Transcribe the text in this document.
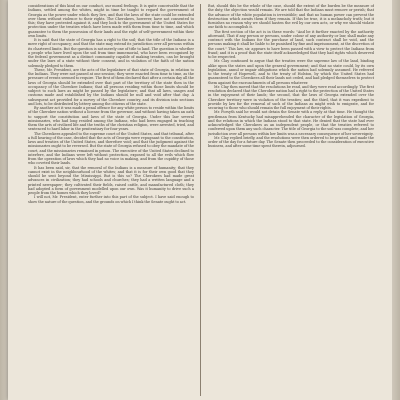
considerations of this kind on our conduct, our moral feelings. It is quite conceivable that the Indians, settled among the whites, might in time be taught to regard the government of Georgia as the power under which they live, and that the laws of the state could be extended over them without violence to their rights. The Cherokees, however, have not consented to this; they have protested against it, and they look to the government of the United States for protection under the treaties which have been made with them from time to time, and which guarantee to them the possession of their lands and the right of self-government within their own limits.

It is said that the state of Georgia has a right to the soil; that the title of the Indians is a mere right of occupancy; and that the state may extend its jurisdiction over all persons within its chartered limits. But the question is not merely one of title to land. The question is whether a people who have lived upon the soil from time immemorial, who have been recognised by the federal government as a distinct community capable of making treaties, can be brought under the laws of a state without their consent, and in violation of the faith of the nation solemnly pledged to them.

These, Mr. President, are the acts of the legislature of that state of Georgia, in relation to the Indians. They were not passed at one session; they were enacted from time to time, as the pressure of events seemed to require. The first of them declared that after a certain day all the laws of Georgia should be extended over that part of the territory of the state then in the occupancy of the Cherokee Indians; that all persons residing within those limits should be subject to such laws as might be passed by the legislature; and that all laws, usages and customs made and established by the Indians should be null and void after that day. A subsequent act provided for a survey of the Cherokee country, and its division into sections and lots, to be distributed by lottery among the citizens of the state.

By another act it was made a penal offence for any white person to reside within the limits of the Cherokee nation without a license from the governor, and without having taken an oath to support the constitution and laws of the state of Georgia. Under this law several missionaries, who had long resided among the Indians, who had been engaged in teaching them the arts of civilized life and the truths of the christian religion, were arrested, tried, and sentenced to hard labor in the penitentiary for four years.

The Cherokees appealed to the supreme court of the United States, and that tribunal, after a full hearing of the case, decided that the acts of Georgia were repugnant to the constitution, laws and treaties of the United States, and therefore void; and that the judgment against the missionaries ought to be reversed. But the state of Georgia refused to obey the mandate of the court, and the missionaries remained in prison. The executive of the United States declined to interfere, and the Indians were left without protection, exposed to all the evils which flow from the operation of laws which they had no voice in making, and from the cupidity of those who coveted their lands.

It has been said, sir, that the removal of the Indians is a measure of humanity; that they cannot exist in the neighbourhood of the whites; and that it is for their own good that they should be sent beyond the Mississippi. But is this so? The Cherokees had made great advances in civilization; they had schools and churches; they had a written language and a printed newspaper; they cultivated their fields, raised cattle, and manufactured cloth; they had adopted a form of government modelled upon our own. Was it humanity to drive such a people from the homes which they loved?

I will not, Mr. President, enter further into this part of the subject. I have said enough to show the nature of the question, and the grounds on which I think the Senate ought to act.

But, should this be the whole of the case, should the extent of the burden be the measure of the duty, the objection would remain. We are told that the Indians must remove or perish; that the advance of the white population is irresistible; and that no human power can prevent the destruction which awaits them if they remain. If this be true, it is a melancholy truth; but it furnishes no reason why we should hasten the evil by our own acts, or why we should violate our faith to accomplish it.

The first section of the act is in these words: "And be it further enacted by the authority aforesaid, That if any person or persons, under colour of any authority or law, shall make any contract with the Indians for the purchase of land, such contract shall be void, and the persons making it shall be liable to be punished by fine and imprisonment, at the discretion of the court." This law, sir, appears to have been passed with a view to protect the Indians from fraud; and it is a proof that the state itself acknowledged that they had rights which deserved to be respected.

Mr. Clay continued to argue that the treaties were the supreme law of the land, binding alike upon the states and upon the general government; and that no state could, by its own legislation, annul or impair obligations which the nation had solemnly assumed. He referred to the treaty of Hopewell, and to the treaty of Holston, by which the United States had guaranteed to the Cherokees all their lands not ceded, and had pledged themselves to protect them against the encroachments of all persons whatever.

Mr. Clay then moved that the resolutions be read, and they were read accordingly. The first resolution declared that the Cherokee nation had a right to the protection of the United States in the enjoyment of their lands; the second, that the laws of Georgia extended over the Cherokee territory were in violation of the treaties; and the third, that it was expedient to provide by law for the removal of such of the Indians as might wish to emigrate, and for securing to those who should remain the full enjoyment of their rights.

Mr. Forsyth said he would not detain the Senate with a reply at that time. He thought the gentleman from Kentucky had misapprehended the character of the legislation of Georgia, and the relations in which the Indians stood to that state. He denied that the state had ever acknowledged the Cherokees as an independent people, or that the treaties referred to conferred upon them any such character. The title of Georgia to the soil was complete, and her jurisdiction over all persons within her limits was a necessary consequence of her sovereignty.

Mr. Clay replied briefly, and the resolutions were then ordered to be printed, and made the order of the day for a future day. The Senate then proceeded to the consideration of executive business, and after some time spent therein, adjourned.
